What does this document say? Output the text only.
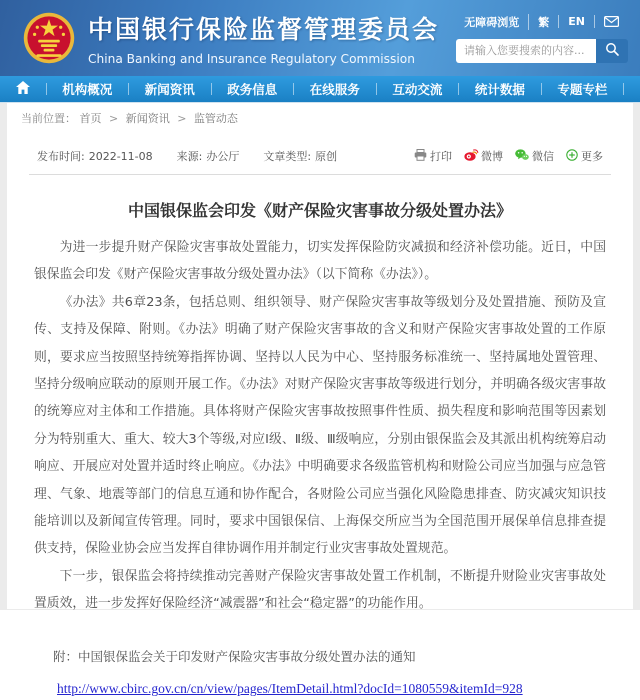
中国银行保险监督管理委员会
China Banking and Insurance Regulatory Commission
无障碍浏览	繁	EN
请输入您要搜索的内容...
机构概况	新闻资讯	政务信息	在线服务	互动交流	统计数据	专题专栏
当前位置： 首页 > 新闻资讯 > 监管动态
发布时间: 2022-11-08 来源: 办公厅 文章类型: 原创	打印	微博	微信 更多
中国银保监会印发《财产保险灾害事故分级处置办法》

为进一步提升财产保险灾害事故处置能力，切实发挥保险防灾减损和经济补偿功能。近日，中国银保监会印发《财产保险灾害事故分级处置办法》（以下简称《办法》）。

《办法》共6章23条，包括总则、组织领导、财产保险灾害事故等级划分及处置措施、预防及宣传、支持及保障、附则。《办法》明确了财产保险灾害事故的含义和财产保险灾害事故处置的工作原则，要求应当按照坚持统筹指挥协调、坚持以人民为中心、坚持服务标准统一、坚持属地处置管理、坚持分级响应联动的原则开展工作。《办法》对财产保险灾害事故等级进行划分，并明确各级灾害事故的统筹应对主体和工作措施。具体将财产保险灾害事故按照事件性质、损失程度和影响范围等因素划分为特别重大、重大、较大3个等级,对应Ⅰ级、Ⅱ级、Ⅲ级响应，分别由银保监会及其派出机构统筹启动响应、开展应对处置并适时终止响应。《办法》中明确要求各级监管机构和财险公司应当加强与应急管理、气象、地震等部门的信息互通和协作配合，各财险公司应当强化风险隐患排查、防灾减灾知识技能培训以及新闻宣传管理。同时，要求中国银保信、上海保交所应当为全国范围开展保单信息排查提供支持，保险业协会应当发挥自律协调作用并制定行业灾害事故处置规范。

下一步，银保监会将持续推动完善财产保险灾害事故处置工作机制，不断提升财险业灾害事故处置质效，进一步发挥好保险经济“减震器”和社会“稳定器”的功能作用。

附：中国银保监会关于印发财产保险灾害事故分级处置办法的通知
http://www.cbirc.gov.cn/cn/view/pages/ItemDetail.html?docId=1080559&itemId=928
